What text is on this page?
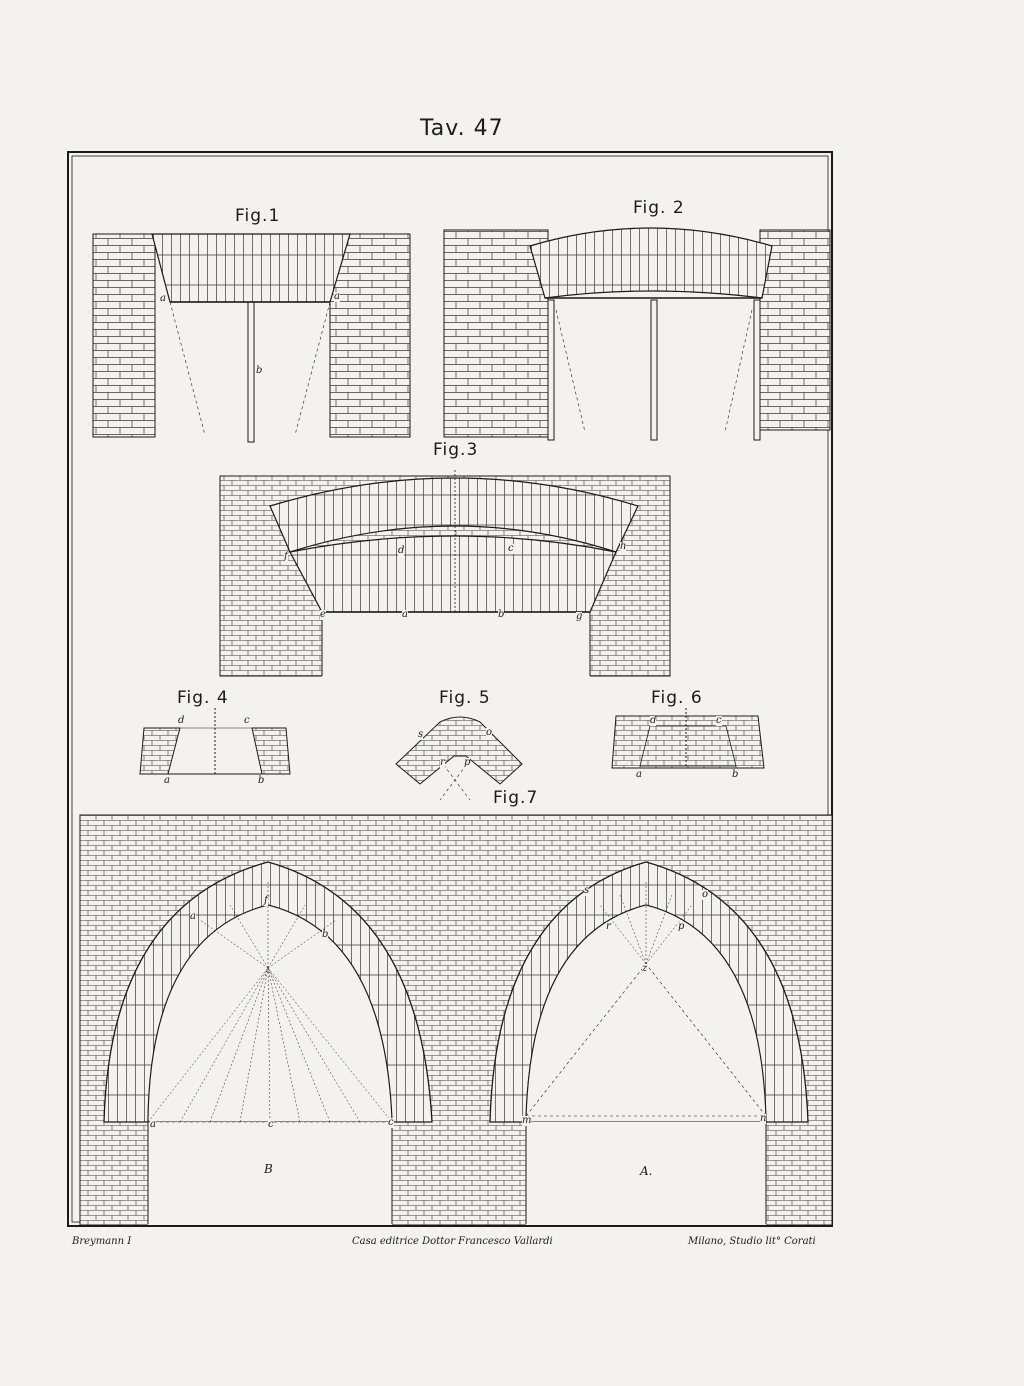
Tav. 47
Fig.1	Fig. 2
Fig.3
Fig. 4	Fig. 5	Fig. 6
Fig.7
a	a
b
f
d	c	h
e	a	b	g
d	c
a	b
s	o
r p
d	c
a	b
a
f
b
a	c	c
B
s	o
r	p
z
m	n
A.
Breymann I	Casa editrice Dottor Francesco Vallardi	Milano, Studio lit° Corati
